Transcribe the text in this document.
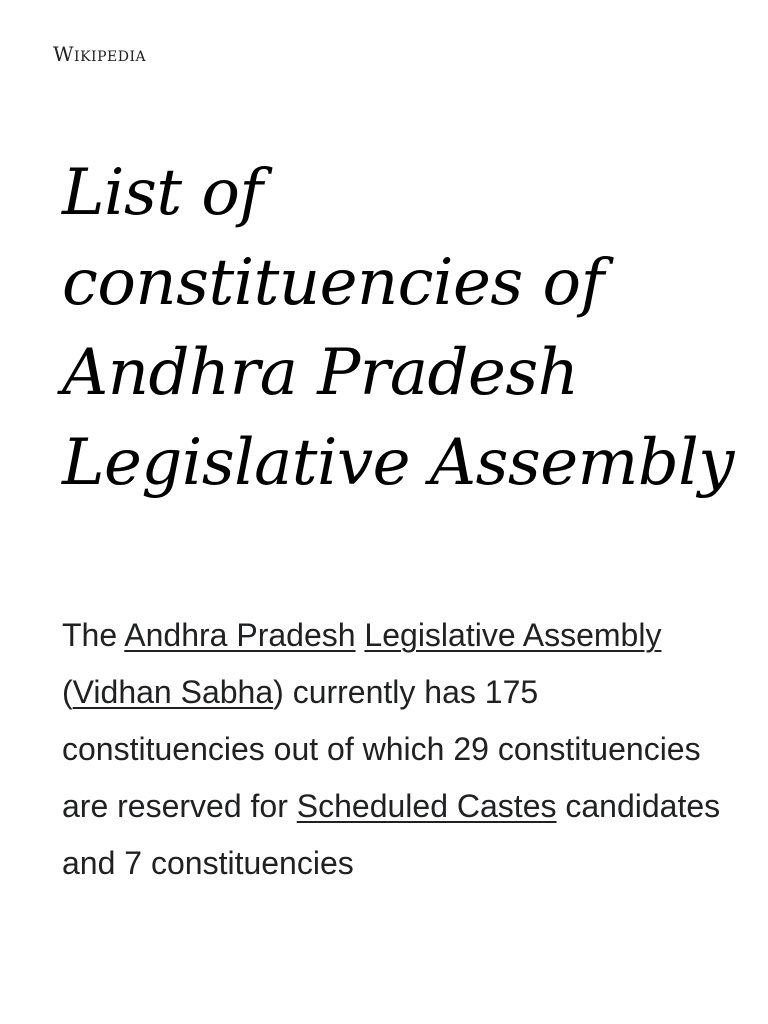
Wikipedia
List of constituencies of Andhra Pradesh Legislative Assembly

The Andhra Pradesh Legislative Assembly (Vidhan Sabha) currently has 175 constituencies out of which 29 constituencies are reserved for Scheduled Castes candidates and 7 constituencies
